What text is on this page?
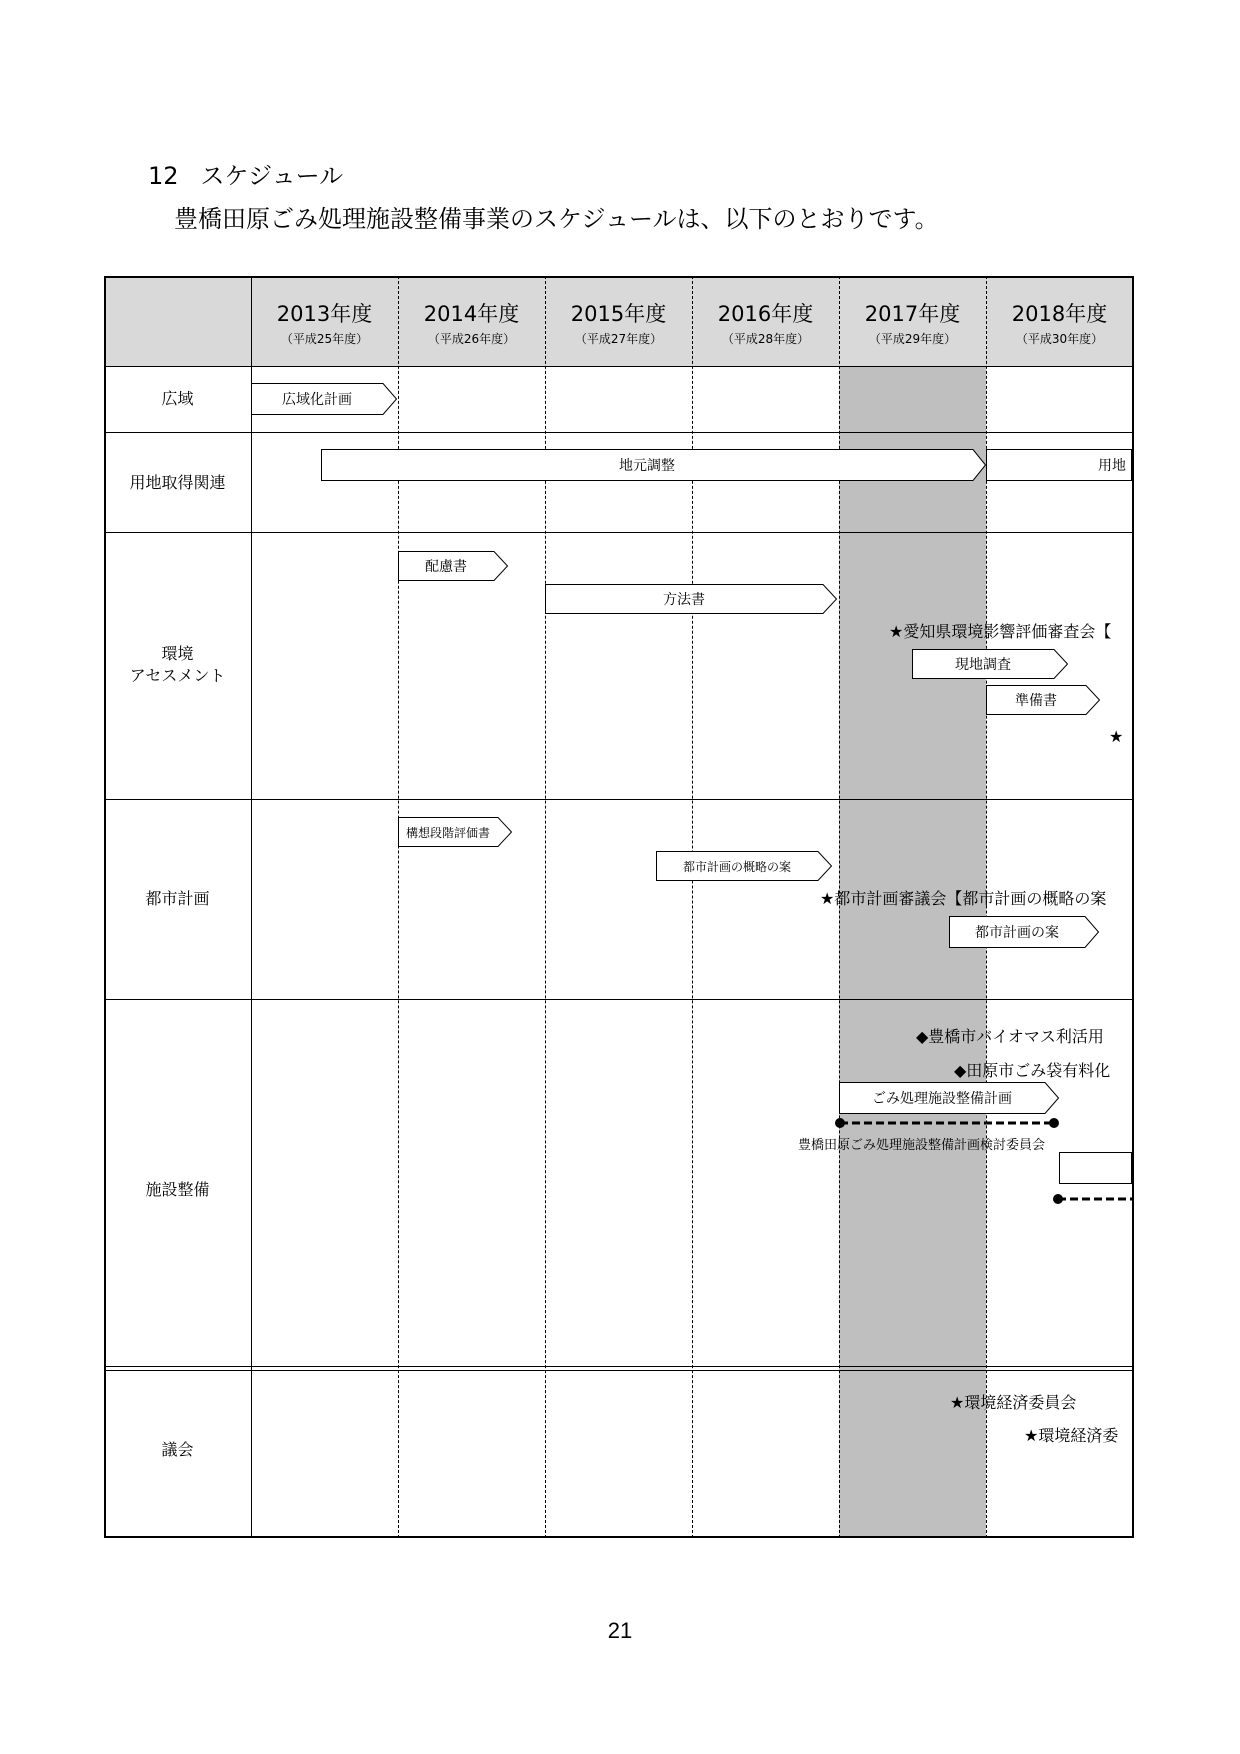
12 スケジュール
豊橋田原ごみ処理施設整備事業のスケジュールは、以下のとおりです。
2013年度
（平成25年度）
2014年度
（平成26年度）
2015年度
（平成27年度）
2016年度
（平成28年度）
2017年度
（平成29年度）
2018年度
（平成30年度）
広域
用地取得関連
環境
アセスメント
都市計画
施設整備
議会
広域化計画
地元調整	用地
配慮書
方法書
現地調査
準備書
構想段階評価書
都市計画の概略の案
都市計画の案
ごみ処理施設整備計画
★愛知県環境影響評価審査会【
★
★都市計画審議会【都市計画の概略の案
◆豊橋市バイオマス利活用
◆田原市ごみ袋有料化
豊橋田原ごみ処理施設整備計画検討委員会
★環境経済委員会
★環境経済委
21
